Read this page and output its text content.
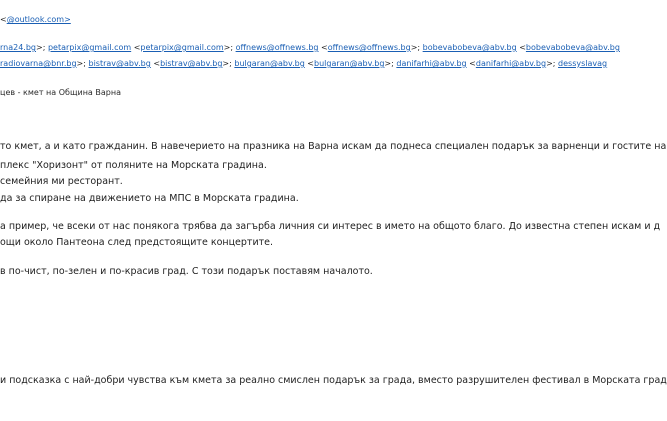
<@outlook.com>
rna24.bg>; petarpix@gmail.com <petarpix@gmail.com>; offnews@offnews.bg <offnews@offnews.bg>; bobevabobeva@abv.bg <bobevabobeva@abv.bg
radiovarna@bnr.bg>; bistrav@abv.bg <bistrav@abv.bg>; bulgaran@abv.bg <bulgaran@abv.bg>; danifarhi@abv.bg <danifarhi@abv.bg>; dessyslavag
цев - кмет на Община Варна
то кмет, а и като гражданин. В навечерието на празника на Варна искам да поднеса специален подарък за варненци и гостите на
плекс "Хоризонт" от поляните на Морската градина.
семейния ми ресторант.
да за спиране на движението на МПС в Морската градина.
а пример, че всеки от нас понякога трябва да загърба личния си интерес в името на общото благо. До известна степен искам и д
ощи около Пантеона след предстоящите концертите.
в по-чист, по-зелен и по-красив град. С този подарък поставям началото.
и подсказка с най-добри чувства към кмета за реално смислен подарък за града, вместо разрушителен фестивал в Морската град
